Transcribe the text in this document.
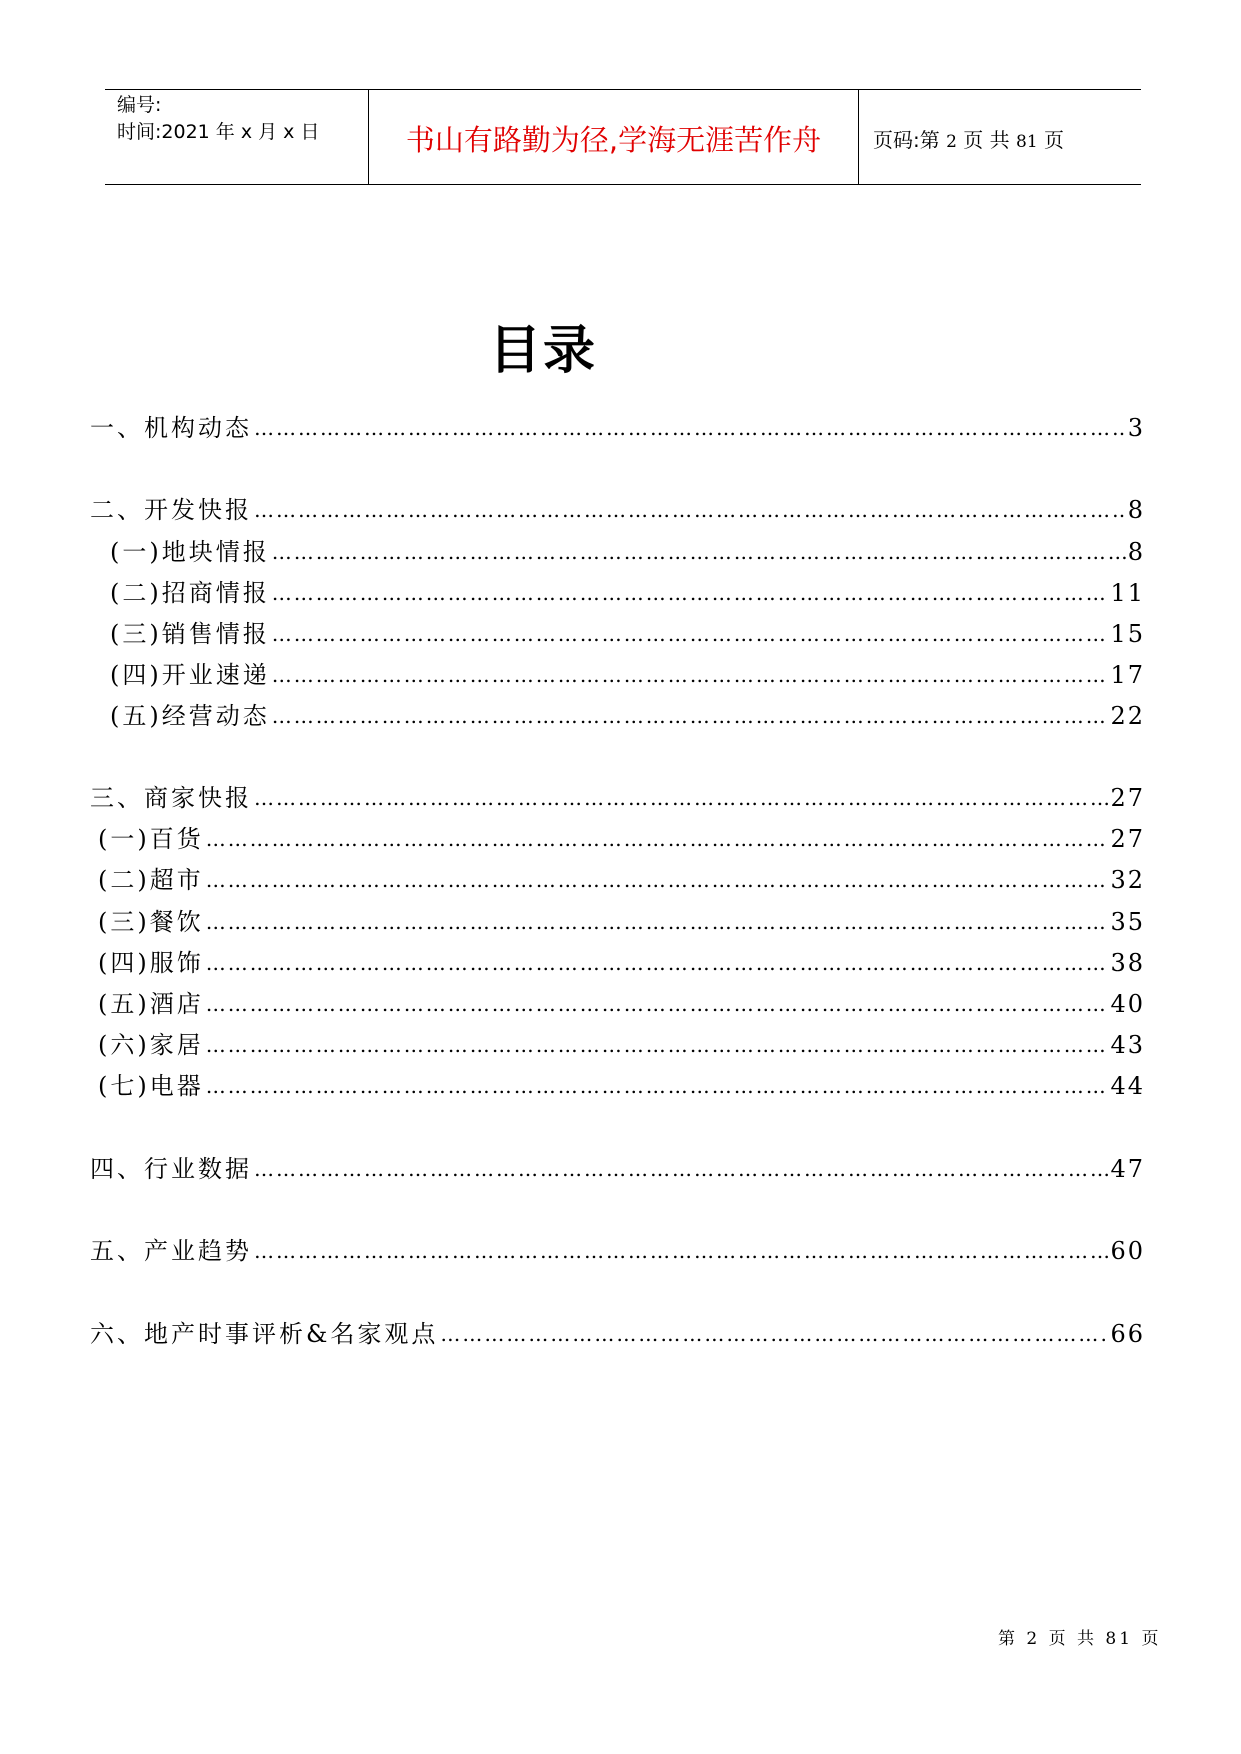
编号:
时间:2021 年 x 月 x 日	书山有路勤为径,学海无涯苦作舟	页码:第 2 页 共 81 页
目录
一、机构动态 ……………………………………………………………………………………………………………………………………………………………………	3
二、开发快报 ……………………………………………………………………………………………………………………………………………………………………	8
(一)地块情报 ……………………………………………………………………………………………………………………………………………………………………	8
(二)招商情报 ……………………………………………………………………………………………………………………………………………………………………	11
(三)销售情报 ……………………………………………………………………………………………………………………………………………………………………	15
(四)开业速递 ……………………………………………………………………………………………………………………………………………………………………	17
(五)经营动态 ……………………………………………………………………………………………………………………………………………………………………	22
三、商家快报 ……………………………………………………………………………………………………………………………………………………………………	27
(一)百货 ……………………………………………………………………………………………………………………………………………………………………	27
(二)超市 ……………………………………………………………………………………………………………………………………………………………………	32
(三)餐饮 ……………………………………………………………………………………………………………………………………………………………………	35
(四)服饰 ……………………………………………………………………………………………………………………………………………………………………	38
(五)酒店 ……………………………………………………………………………………………………………………………………………………………………	40
(六)家居 ……………………………………………………………………………………………………………………………………………………………………	43
(七)电器 ……………………………………………………………………………………………………………………………………………………………………	44
四、行业数据 ……………………………………………………………………………………………………………………………………………………………………	47
五、产业趋势 ……………………………………………………………………………………………………………………………………………………………………	60
六、地产时事评析&名家观点 ……………………………………………………………………………………………………………………………………………………………………	66
第 2 页 共 81 页
